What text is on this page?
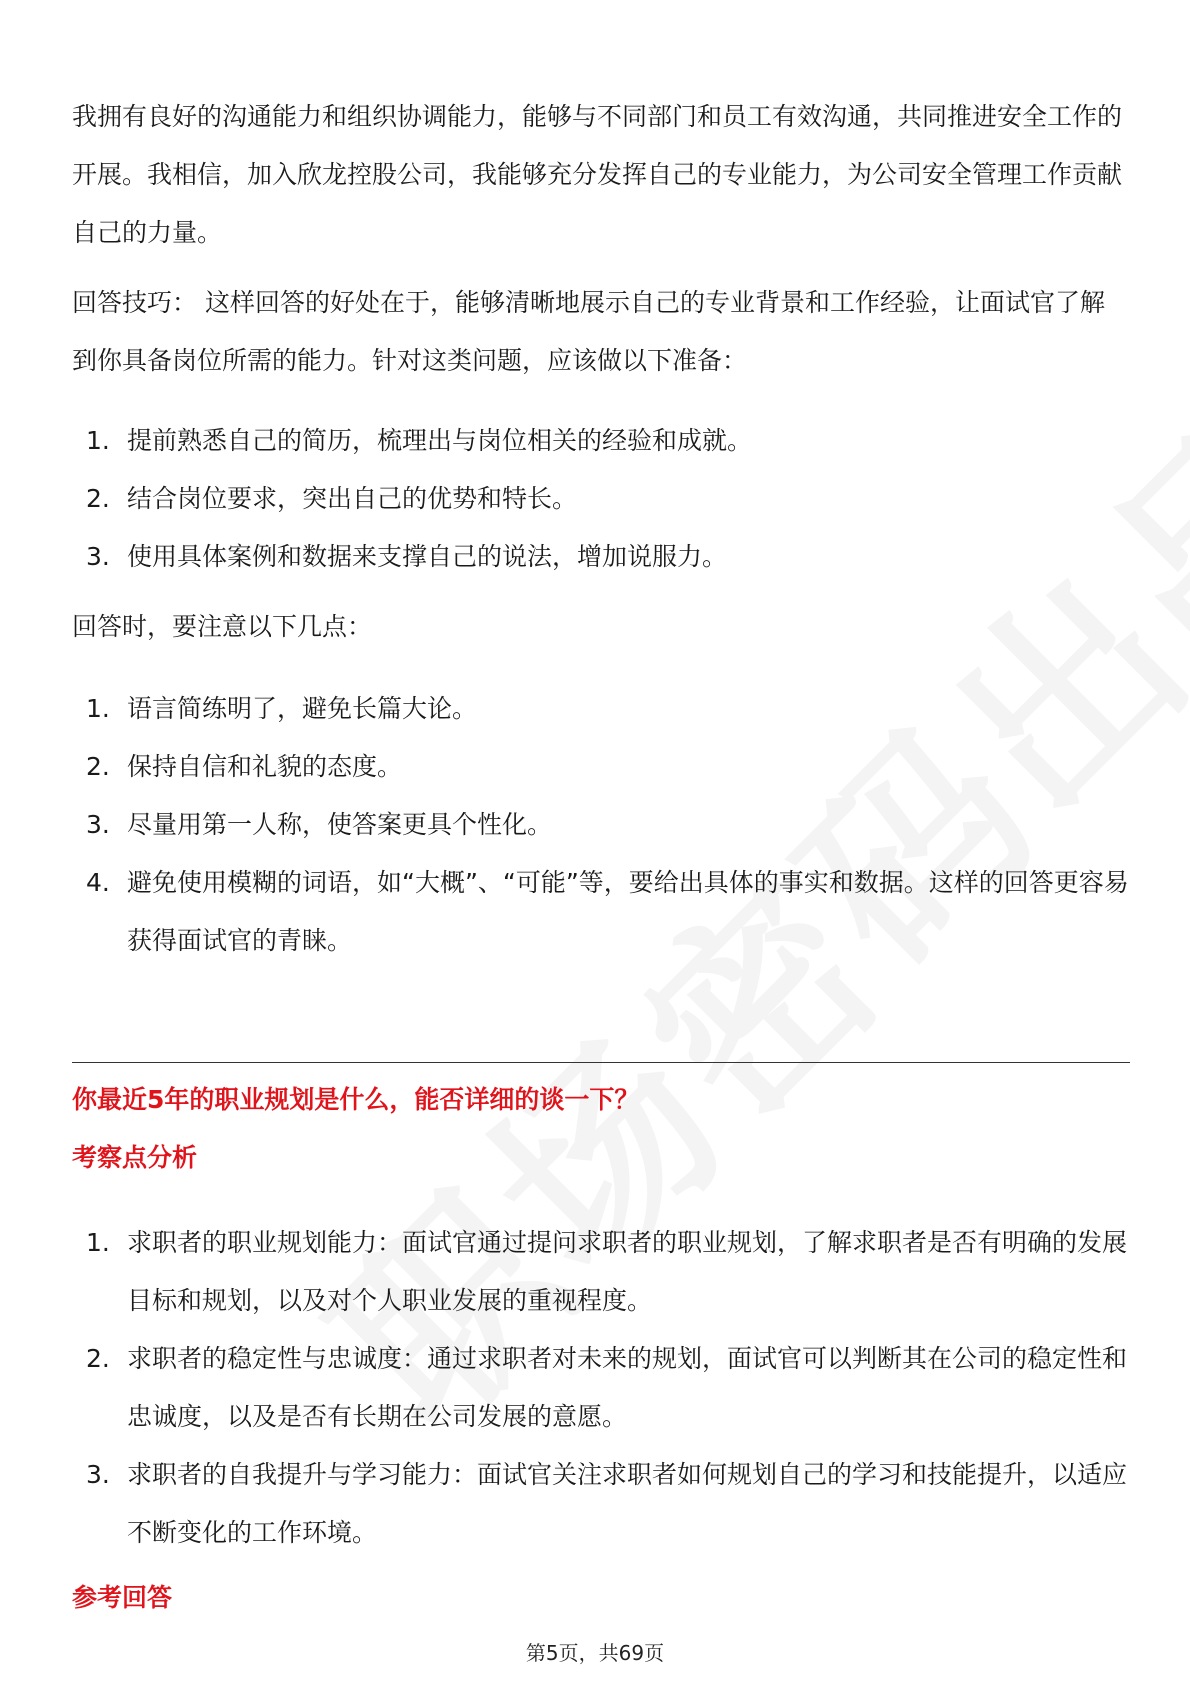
我拥有良好的沟通能力和组织协调能力，能够与不同部门和员工有效沟通，共同推进安全工作的开展。我相信，加入欣龙控股公司，我能够充分发挥自己的专业能力，为公司安全管理工作贡献自己的力量。

回答技巧： 这样回答的好处在于，能够清晰地展示自己的专业背景和工作经验，让面试官了解到你具备岗位所需的能力。针对这类问题，应该做以下准备：

1. 提前熟悉自己的简历，梳理出与岗位相关的经验和成就。
2. 结合岗位要求，突出自己的优势和特长。
3. 使用具体案例和数据来支撑自己的说法，增加说服力。

回答时，要注意以下几点：

1. 语言简练明了，避免长篇大论。
2. 保持自信和礼貌的态度。
3. 尽量用第一人称，使答案更具个性化。
4. 避免使用模糊的词语，如“大概”、“可能”等，要给出具体的事实和数据。这样的回答更容易获得面试官的青睐。

你最近5年的职业规划是什么，能否详细的谈一下？

考察点分析

1. 求职者的职业规划能力：面试官通过提问求职者的职业规划，了解求职者是否有明确的发展目标和规划，以及对个人职业发展的重视程度。
2. 求职者的稳定性与忠诚度：通过求职者对未来的规划，面试官可以判断其在公司的稳定性和忠诚度，以及是否有长期在公司发展的意愿。
3. 求职者的自我提升与学习能力：面试官关注求职者如何规划自己的学习和技能提升，以适应不断变化的工作环境。

参考回答

第5页，共69页
